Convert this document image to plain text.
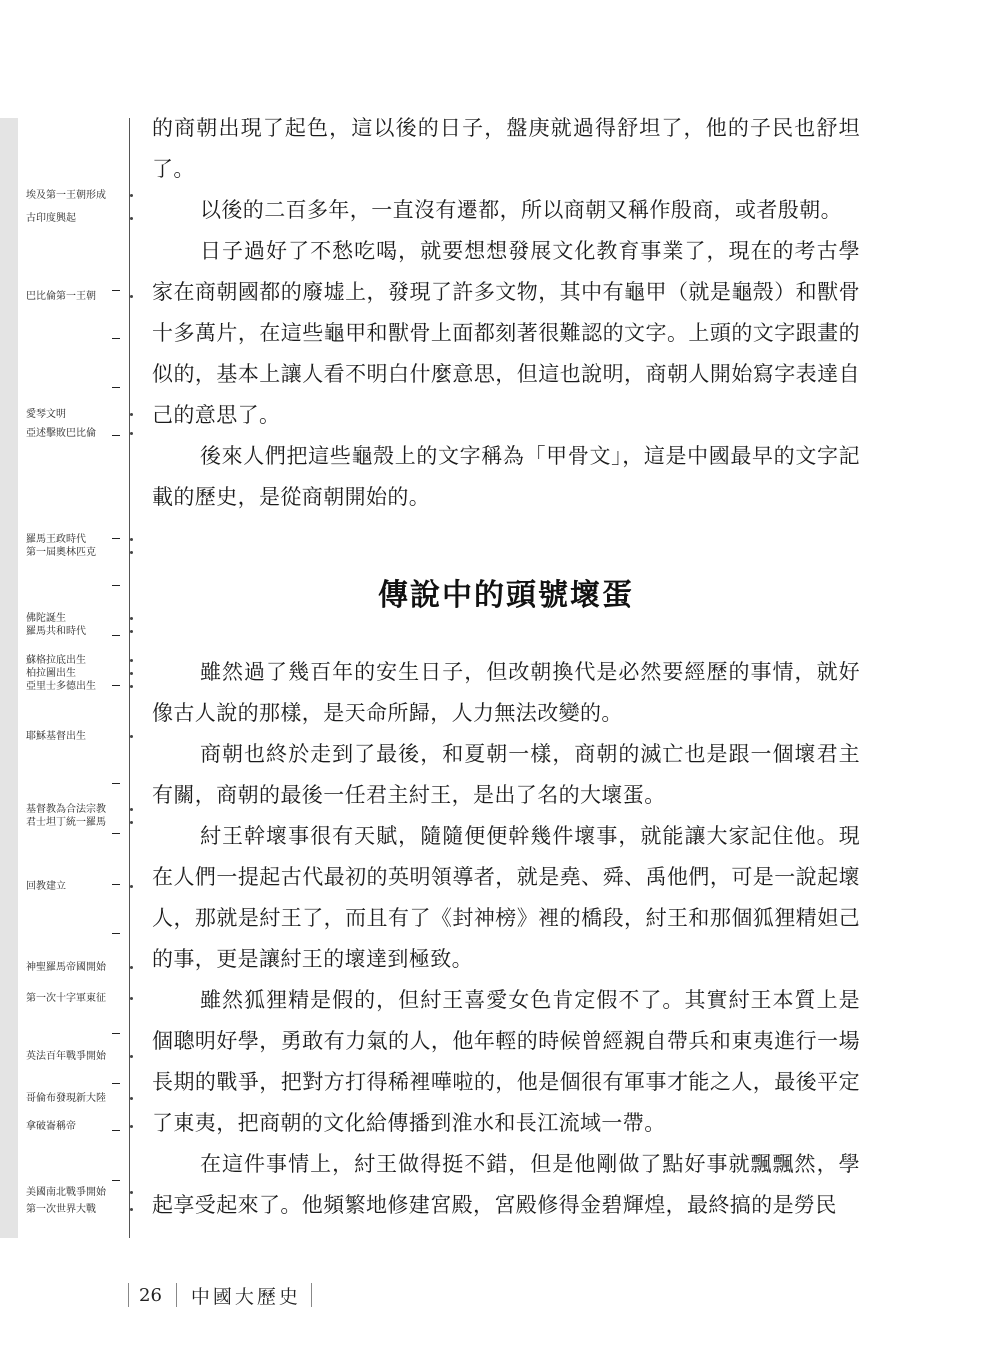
埃及第一王朝形成
古印度興起
巴比倫第一王朝
愛琴文明
亞述擊敗巴比倫
羅馬王政時代
第一屆奧林匹克
佛陀誕生
羅馬共和時代
蘇格拉底出生
柏拉圖出生
亞里士多德出生
耶穌基督出生
基督教為合法宗教
君士坦丁統一羅馬
回教建立
神聖羅馬帝國開始
第一次十字軍東征
英法百年戰爭開始
哥倫布發現新大陸
拿破崙稱帝
美國南北戰爭開始
第一次世界大戰

的商朝出現了起色，這以後的日子，盤庚就過得舒坦了，他的子民也舒坦了。

以後的二百多年，一直沒有遷都，所以商朝又稱作殷商，或者殷朝。

日子過好了不愁吃喝，就要想想發展文化教育事業了，現在的考古學家在商朝國都的廢墟上，發現了許多文物，其中有龜甲（就是龜殼）和獸骨十多萬片，在這些龜甲和獸骨上面都刻著很難認的文字。上頭的文字跟畫的似的，基本上讓人看不明白什麼意思，但這也說明，商朝人開始寫字表達自己的意思了。

後來人們把這些龜殼上的文字稱為「甲骨文」，這是中國最早的文字記載的歷史，是從商朝開始的。

傳說中的頭號壞蛋

雖然過了幾百年的安生日子，但改朝換代是必然要經歷的事情，就好像古人說的那樣，是天命所歸，人力無法改變的。

商朝也終於走到了最後，和夏朝一樣，商朝的滅亡也是跟一個壞君主有關，商朝的最後一任君主紂王，是出了名的大壞蛋。

紂王幹壞事很有天賦，隨隨便便幹幾件壞事，就能讓大家記住他。現在人們一提起古代最初的英明領導者，就是堯、舜、禹他們，可是一說起壞人，那就是紂王了，而且有了《封神榜》裡的橋段，紂王和那個狐狸精妲己的事，更是讓紂王的壞達到極致。

雖然狐狸精是假的，但紂王喜愛女色肯定假不了。其實紂王本質上是個聰明好學，勇敢有力氣的人，他年輕的時候曾經親自帶兵和東夷進行一場長期的戰爭，把對方打得稀裡嘩啦的，他是個很有軍事才能之人，最後平定了東夷，把商朝的文化給傳播到淮水和長江流域一帶。

在這件事情上，紂王做得挺不錯，但是他剛做了點好事就飄飄然，學起享受起來了。他頻繁地修建宮殿，宮殿修得金碧輝煌，最終搞的是勞民

26	中國大歷史
